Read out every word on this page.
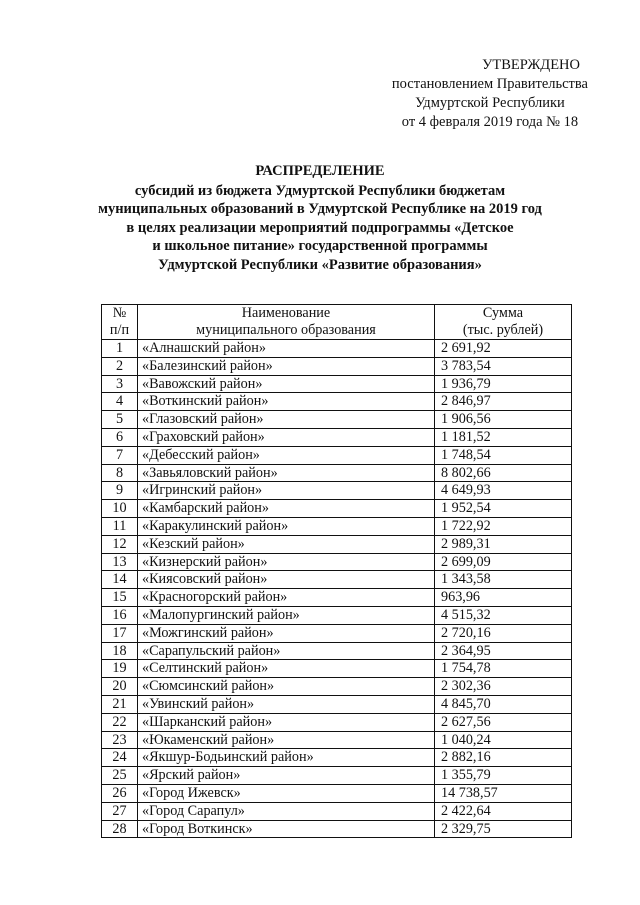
УТВЕРЖДЕНО
постановлением Правительства
Удмуртской Республики
от 4 февраля 2019 года № 18
РАСПРЕДЕЛЕНИЕ
субсидий из бюджета Удмуртской Республики бюджетам
муниципальных образований в Удмуртской Республике на 2019 год
в целях реализации мероприятий подпрограммы «Детское
и школьное питание» государственной программы
Удмуртской Республики «Развитие образования»
№	Наименование	Сумма
п/п	муниципального образования	(тыс. рублей)
1	«Алнашский район»	2 691,92
2	«Балезинский район»	3 783,54
3	«Вавожский район»	1 936,79
4	«Воткинский район»	2 846,97
5	«Глазовский район»	1 906,56
6	«Граховский район»	1 181,52
7	«Дебесский район»	1 748,54
8	«Завьяловский район»	8 802,66
9	«Игринский район»	4 649,93
10	«Камбарский район»	1 952,54
11	«Каракулинский район»	1 722,92
12	«Кезский район»	2 989,31
13	«Кизнерский район»	2 699,09
14	«Киясовский район»	1 343,58
15	«Красногорский район»	963,96
16	«Малопургинский район»	4 515,32
17	«Можгинский район»	2 720,16
18	«Сарапульский район»	2 364,95
19	«Селтинский район»	1 754,78
20	«Сюмсинский район»	2 302,36
21	«Увинский район»	4 845,70
22	«Шарканский район»	2 627,56
23	«Юкаменский район»	1 040,24
24	«Якшур-Бодьинский район»	2 882,16
25	«Ярский район»	1 355,79
26	«Город Ижевск»	14 738,57
27	«Город Сарапул»	2 422,64
28	«Город Воткинск»	2 329,75
